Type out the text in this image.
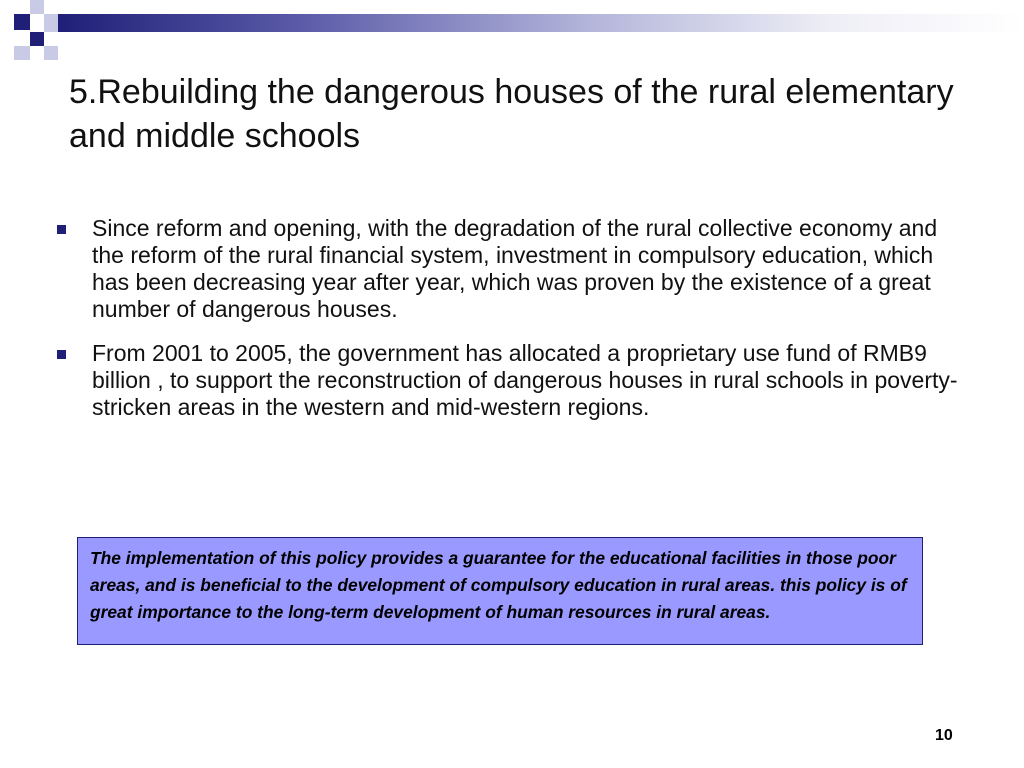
5.Rebuilding the dangerous houses of the rural elementary and middle schools
Since reform and opening, with the degradation of the rural collective economy and the reform of the rural financial system, investment in compulsory education, which has been decreasing year after year, which was proven by the existence of a great number of dangerous houses.
From 2001 to 2005, the government has allocated a proprietary use fund of RMB9 billion , to support the reconstruction of dangerous houses in rural schools in poverty-stricken areas in the western and mid-western regions.
The implementation of this policy provides a guarantee for the educational facilities in those poor areas, and is beneficial to the development of compulsory education in rural areas. this policy is of great importance to the long-term development of human resources in rural areas.
10
